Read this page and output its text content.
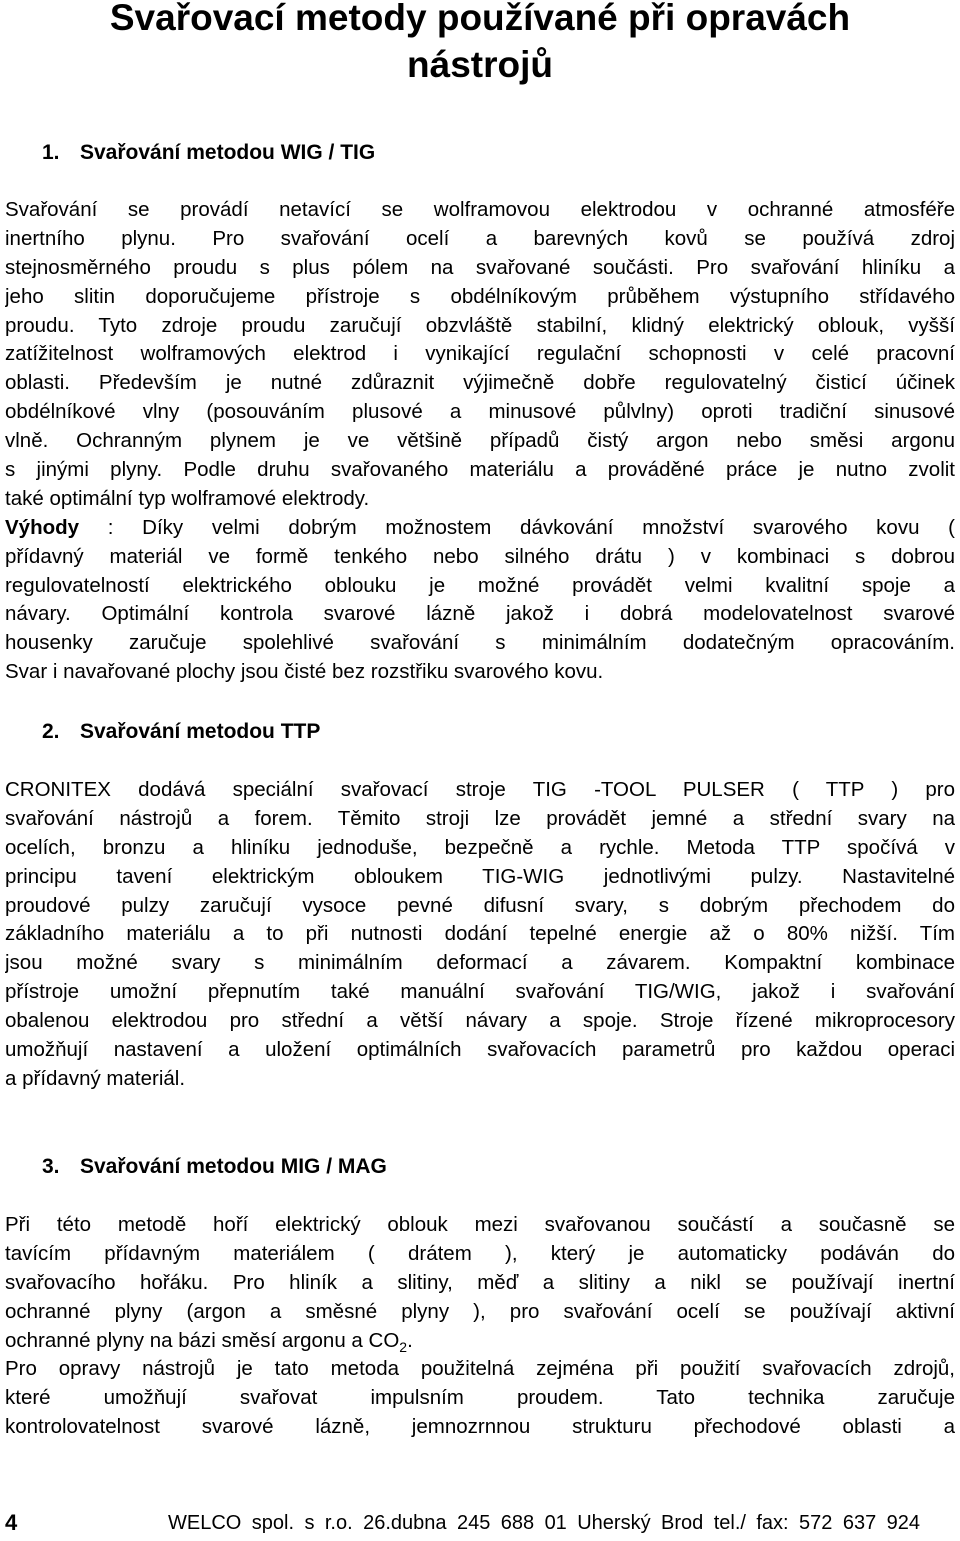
Svařovací metody používané při opravách
nástrojů
1. Svařování metodou WIG / TIG
Svařování se provádí netavící se wolframovou elektrodou v ochranné atmosféře
inertního plynu. Pro svařování ocelí a barevných kovů se používá zdroj
stejnosměrného proudu s plus pólem na svařované součásti. Pro svařování hliníku a
jeho slitin doporučujeme přístroje s obdélníkovým průběhem výstupního střídavého
proudu. Tyto zdroje proudu zaručují obzvláště stabilní, klidný elektrický oblouk, vyšší
zatížitelnost wolframových elektrod i vynikající regulační schopnosti v celé pracovní
oblasti. Především je nutné zdůraznit výjimečně dobře regulovatelný čisticí účinek
obdélníkové vlny (posouváním plusové a minusové půlvlny) oproti tradiční sinusové
vlně. Ochranným plynem je ve většině případů čistý argon nebo směsi argonu
s jinými plyny. Podle druhu svařovaného materiálu a prováděné práce je nutno zvolit
také optimální typ wolframové elektrody.
Výhody : Díky velmi dobrým možnostem dávkování množství svarového kovu (
přídavný materiál ve formě tenkého nebo silného drátu ) v kombinaci s dobrou
regulovatelností elektrického oblouku je možné provádět velmi kvalitní spoje a
návary. Optimální kontrola svarové lázně jakož i dobrá modelovatelnost svarové
housenky zaručuje spolehlivé svařování s minimálním dodatečným opracováním.
Svar i navařované plochy jsou čisté bez rozstřiku svarového kovu.
2. Svařování metodou TTP
CRONITEX dodává speciální svařovací stroje TIG -TOOL PULSER ( TTP ) pro
svařování nástrojů a forem. Těmito stroji lze provádět jemné a střední svary na
ocelích, bronzu a hliníku jednoduše, bezpečně a rychle. Metoda TTP spočívá v
principu tavení elektrickým obloukem TIG-WIG jednotlivými pulzy. Nastavitelné
proudové pulzy zaručují vysoce pevné difusní svary, s dobrým přechodem do
základního materiálu a to při nutnosti dodání tepelné energie až o 80% nižší. Tím
jsou možné svary s minimálním deformací a závarem. Kompaktní kombinace
přístroje umožní přepnutím také manuální svařování TIG/WIG, jakož i svařování
obalenou elektrodou pro střední a větší návary a spoje. Stroje řízené mikroprocesory
umožňují nastavení a uložení optimálních svařovacích parametrů pro každou operaci
a přídavný materiál.
3. Svařování metodou MIG / MAG
Při této metodě hoří elektrický oblouk mezi svařovanou součástí a současně se
tavícím přídavným materiálem ( drátem ), který je automaticky podáván do
svařovacího hořáku. Pro hliník a slitiny, měď a slitiny a nikl se používají inertní
ochranné plyny (argon a směsné plyny ), pro svařování ocelí se používají aktivní
ochranné plyny na bázi směsí argonu a $CO_2$.
Pro opravy nástrojů je tato metoda použitelná zejména při použití svařovacích zdrojů,
které umožňují svařovat impulsním proudem. Tato technika zaručuje
kontrolovatelnost svarové lázně, jemnozrnnou strukturu přechodové oblasti a
4	WELCO spol. s r.o. 26.dubna 245 688 01 Uherský Brod tel./ fax: 572 637 924
